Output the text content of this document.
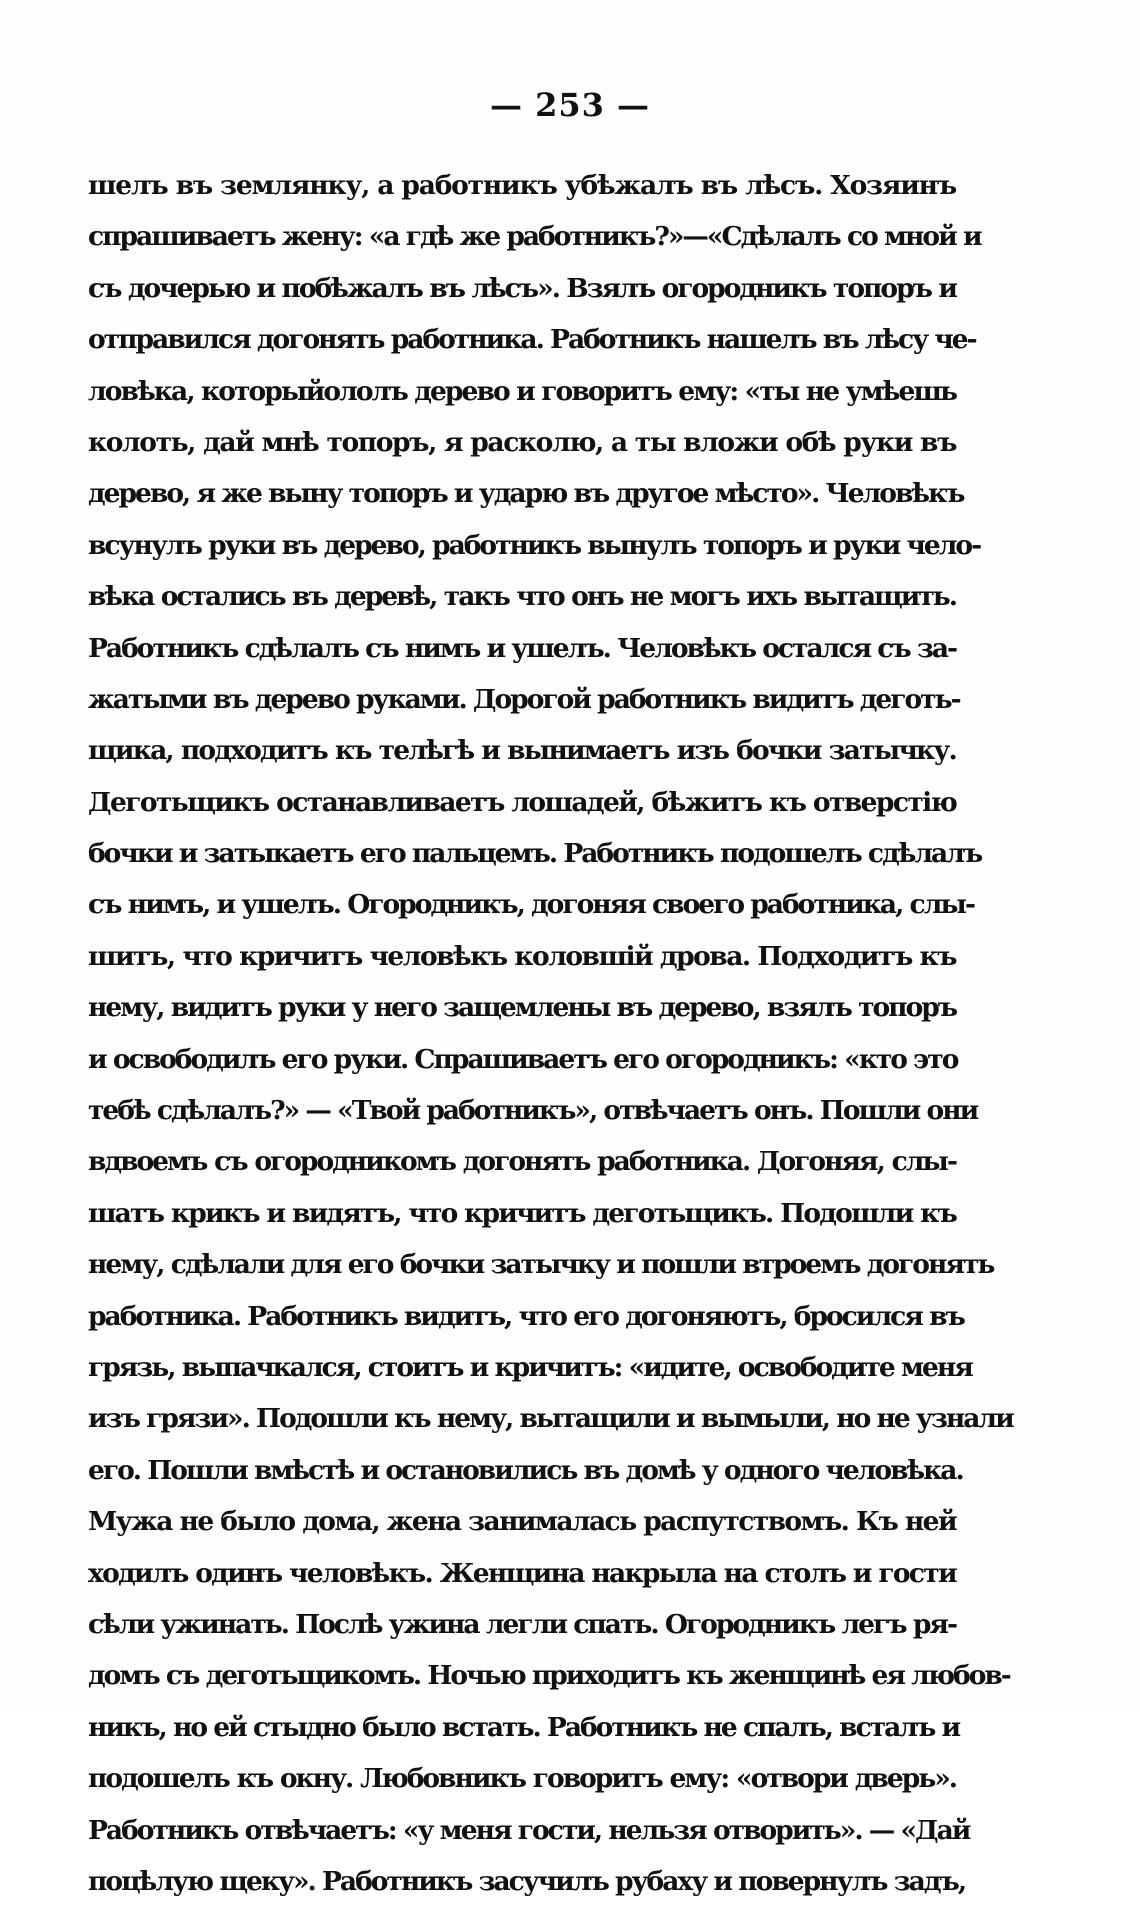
— 253 —
шелъ въ землянку, а работникъ убѣжалъ въ лѣсъ. Хозяинъ
спрашиваетъ жену: «а гдѣ же работникъ?»—«Сдѣлалъ со мной и
съ дочерью и побѣжалъ въ лѣсъ». Взялъ огородникъ топоръ и
отправился догонять работника. Работникъ нашелъ въ лѣсу че-
ловѣка, которыйололъ дерево и говоритъ ему: «ты не умѣешь
колоть, дай мнѣ топоръ, я расколю, а ты вложи обѣ руки въ
дерево, я же выну топоръ и ударю въ другое мѣсто». Человѣкъ
всунулъ руки въ дерево, работникъ вынулъ топоръ и руки чело-
вѣка остались въ деревѣ, такъ что онъ не могъ ихъ вытащить.
Работникъ сдѣлалъ съ нимъ и ушелъ. Человѣкъ остался съ за-
жатыми въ дерево руками. Дорогой работникъ видитъ деготь-
щика, подходитъ къ телѣгѣ и вынимаетъ изъ бочки затычку.
Деготьщикъ останавливаетъ лошадей, бѣжитъ къ отверстію
бочки и затыкаетъ его пальцемъ. Работникъ подошелъ сдѣлалъ
съ нимъ, и ушелъ. Огородникъ, догоняя своего работника, слы-
шитъ, что кричитъ человѣкъ коловшій дрова. Подходитъ къ
нему, видитъ руки у него защемлены въ дерево, взялъ топоръ
и освободилъ его руки. Спрашиваетъ его огородникъ: «кто это
тебѣ сдѣлалъ?» — «Твой работникъ», отвѣчаетъ онъ. Пошли они
вдвоемъ съ огородникомъ догонять работника. Догоняя, слы-
шатъ крикъ и видятъ, что кричитъ деготьщикъ. Подошли къ
нему, сдѣлали для его бочки затычку и пошли втроемъ догонять
работника. Работникъ видитъ, что его догоняютъ, бросился въ
грязь, выпачкался, стоитъ и кричитъ: «идите, освободите меня
изъ грязи». Подошли къ нему, вытащили и вымыли, но не узнали
его. Пошли вмѣстѣ и остановились въ домѣ у одного человѣка.
Мужа не было дома, жена занималась распутствомъ. Къ ней
ходилъ одинъ человѣкъ. Женщина накрыла на столъ и гости
сѣли ужинать. Послѣ ужина легли спать. Огородникъ легъ ря-
домъ съ деготьщикомъ. Ночью приходитъ къ женщинѣ ея любов-
никъ, но ей стыдно было встать. Работникъ не спалъ, всталъ и
подошелъ къ окну. Любовникъ говоритъ ему: «отвори дверь».
Работникъ отвѣчаетъ: «у меня гости, нельзя отворить». — «Дай
поцѣлую щеку». Работникъ засучилъ рубаху и повернулъ задъ,
